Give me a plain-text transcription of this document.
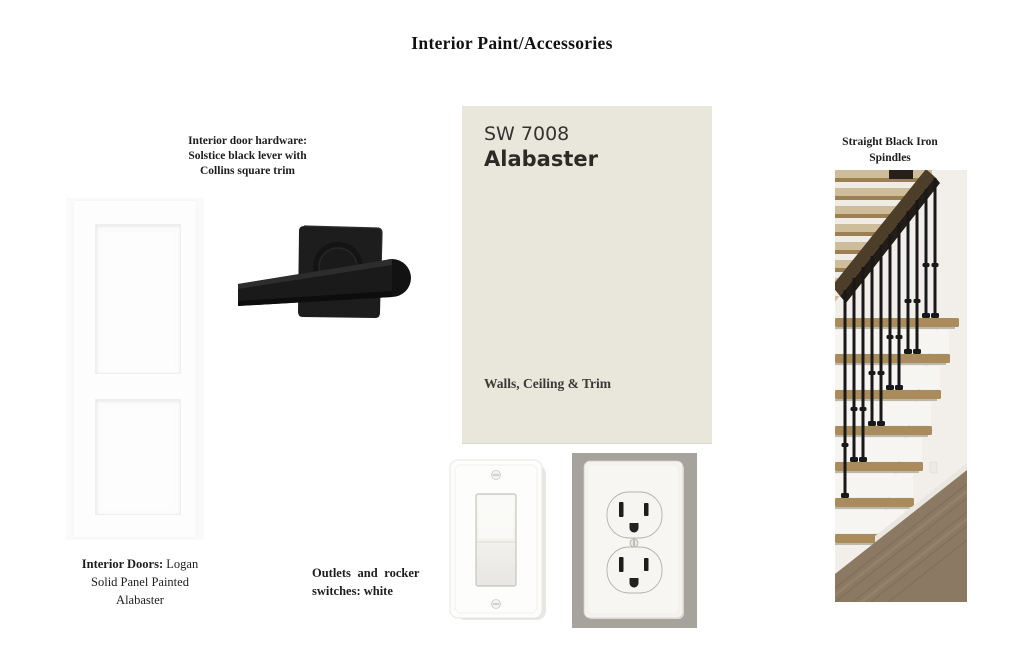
Interior Paint/Accessories
Interior door hardware:
Solstice black lever with
Collins square trim
Straight Black Iron
Spindles
Interior Doors: Logan
Solid Panel Painted
Alabaster
SW 7008
Alabaster
Walls, Ceiling & Trim
Outlets and rocker
switches: white
